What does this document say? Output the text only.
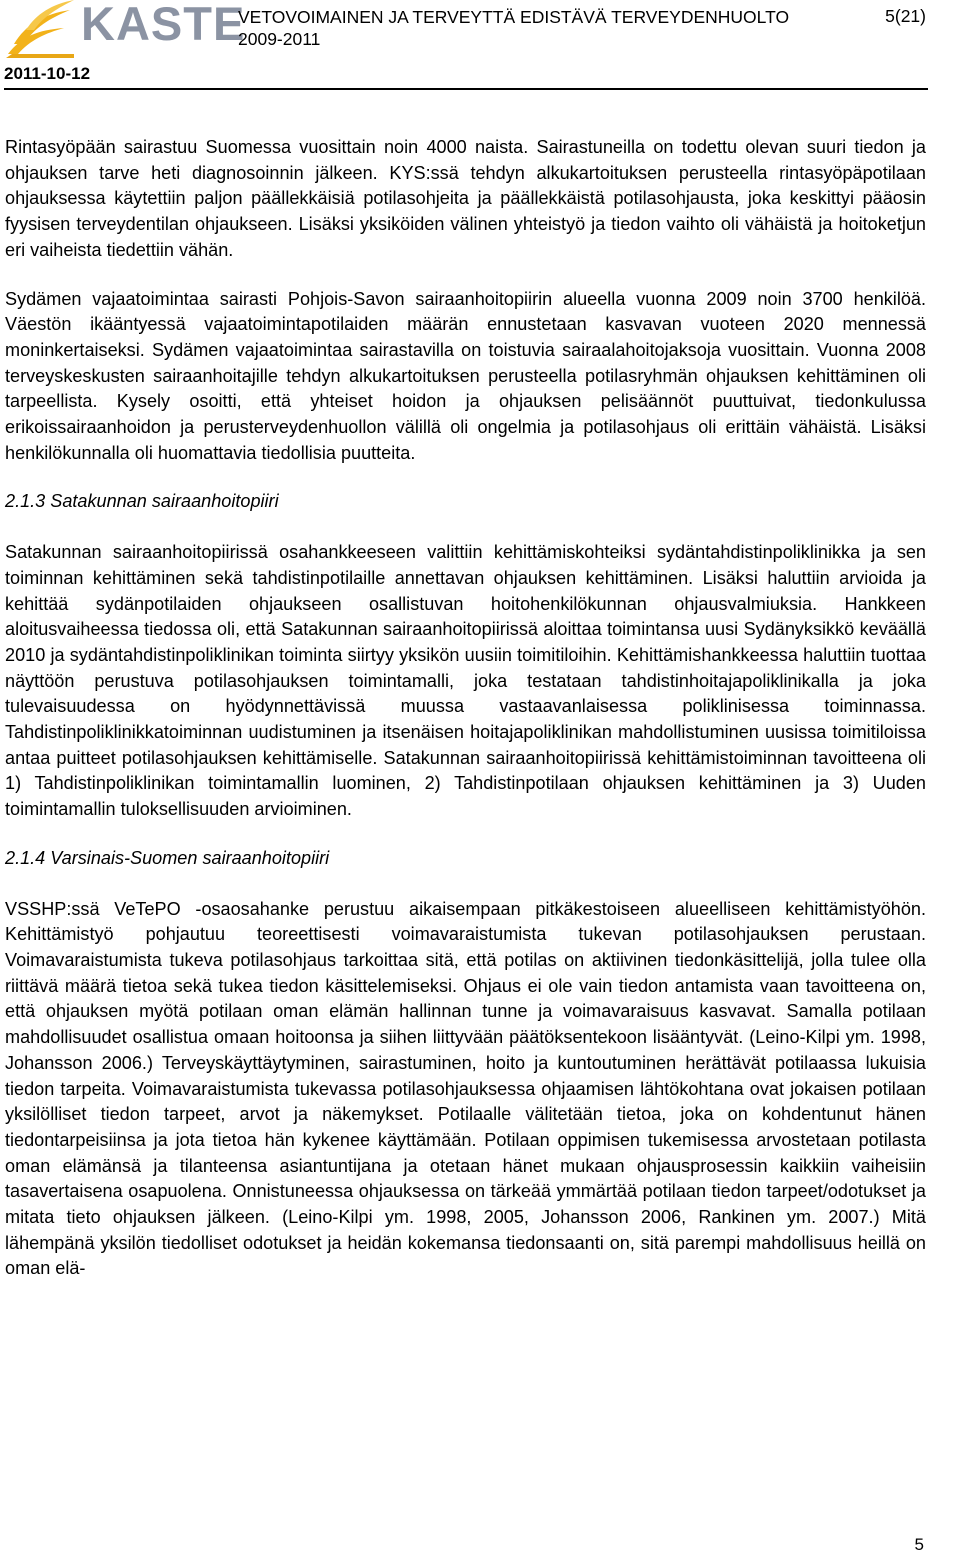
KASTE
VETOVOIMAINEN JA TERVEYTTÄ EDISTÄVÄ TERVEYDENHUOLTO
2009-2011
5(21)
2011-10-12

Rintasyöpään sairastuu Suomessa vuosittain noin 4000 naista. Sairastuneilla on todettu olevan suuri tiedon ja ohjauksen tarve heti diagnosoinnin jälkeen. KYS:ssä tehdyn alkukartoituksen perusteella rintasyöpäpotilaan ohjauksessa käytettiin paljon päällekkäisiä potilasohjeita ja päällekkäistä potilasohjausta, joka keskittyi pääosin fyysisen terveydentilan ohjaukseen. Lisäksi yksiköiden välinen yhteistyö ja tiedon vaihto oli vähäistä ja hoitoketjun eri vaiheista tiedettiin vähän.

Sydämen vajaatoimintaa sairasti Pohjois-Savon sairaanhoitopiirin alueella vuonna 2009 noin 3700 henkilöä. Väestön ikääntyessä vajaatoimintapotilaiden määrän ennustetaan kasvavan vuoteen 2020 mennessä moninkertaiseksi. Sydämen vajaatoimintaa sairastavilla on toistuvia sairaalahoitojaksoja vuosittain. Vuonna 2008 terveyskeskusten sairaanhoitajille tehdyn alkukartoituksen perusteella potilasryhmän ohjauksen kehittäminen oli tarpeellista. Kysely osoitti, että yhteiset hoidon ja ohjauksen pelisäännöt puuttuivat, tiedonkulussa erikoissairaanhoidon ja perusterveydenhuollon välillä oli ongelmia ja potilasohjaus oli erittäin vähäistä. Lisäksi henkilökunnalla oli huomattavia tiedollisia puutteita.

2.1.3 Satakunnan sairaanhoitopiiri

Satakunnan sairaanhoitopiirissä osahankkeeseen valittiin kehittämiskohteiksi sydäntahdistinpoliklinikka ja sen toiminnan kehittäminen sekä tahdistinpotilaille annettavan ohjauksen kehittäminen. Lisäksi haluttiin arvioida ja kehittää sydänpotilaiden ohjaukseen osallistuvan hoitohenkilökunnan ohjausvalmiuksia. Hankkeen aloitusvaiheessa tiedossa oli, että Satakunnan sairaanhoitopiirissä aloittaa toimintansa uusi Sydänyksikkö keväällä 2010 ja sydäntahdistinpoliklinikan toiminta siirtyy yksikön uusiin toimitiloihin. Kehittämishankkeessa haluttiin tuottaa näyttöön perustuva potilasohjauksen toimintamalli, joka testataan tahdistinhoitajapoliklinikalla ja joka tulevaisuudessa on hyödynnettävissä muussa vastaavanlaisessa poliklinisessa toiminnassa. Tahdistinpoliklinikkatoiminnan uudistuminen ja itsenäisen hoitajapoliklinikan mahdollistuminen uusissa toimitiloissa antaa puitteet potilasohjauksen kehittämiselle. Satakunnan sairaanhoitopiirissä kehittämistoiminnan tavoitteena oli 1) Tahdistinpoliklinikan toimintamallin luominen, 2) Tahdistinpotilaan ohjauksen kehittäminen ja 3) Uuden toimintamallin tuloksellisuuden arvioiminen.

2.1.4 Varsinais-Suomen sairaanhoitopiiri

VSSHP:ssä VeTePO -osaosahanke perustuu aikaisempaan pitkäkestoiseen alueelliseen kehittämistyöhön. Kehittämistyö pohjautuu teoreettisesti voimavaraistumista tukevan potilasohjauksen perustaan. Voimavaraistumista tukeva potilasohjaus tarkoittaa sitä, että potilas on aktiivinen tiedonkäsittelijä, jolla tulee olla riittävä määrä tietoa sekä tukea tiedon käsittelemiseksi. Ohjaus ei ole vain tiedon antamista vaan tavoitteena on, että ohjauksen myötä potilaan oman elämän hallinnan tunne ja voimavaraisuus kasvavat. Samalla potilaan mahdollisuudet osallistua omaan hoitoonsa ja siihen liittyvään päätöksentekoon lisääntyvät. (Leino-Kilpi ym. 1998, Johansson 2006.) Terveyskäyttäytyminen, sairastuminen, hoito ja kuntoutuminen herättävät potilaassa lukuisia tiedon tarpeita. Voimavaraistumista tukevassa potilasohjauksessa ohjaamisen lähtökohtana ovat jokaisen potilaan yksilölliset tiedon tarpeet, arvot ja näkemykset. Potilaalle välitetään tietoa, joka on kohdentunut hänen tiedontarpeisiinsa ja jota tietoa hän kykenee käyttämään. Potilaan oppimisen tukemisessa arvostetaan potilasta oman elämänsä ja tilanteensa asiantuntijana ja otetaan hänet mukaan ohjausprosessin kaikkiin vaiheisiin tasavertaisena osapuolena. Onnistuneessa ohjauksessa on tärkeää ymmärtää potilaan tiedon tarpeet/odotukset ja mitata tieto ohjauksen jälkeen. (Leino-Kilpi ym. 1998, 2005, Johansson 2006, Rankinen ym. 2007.) Mitä lähempänä yksilön tiedolliset odotukset ja heidän kokemansa tiedonsaanti on, sitä parempi mahdollisuus heillä on oman elä-

5
